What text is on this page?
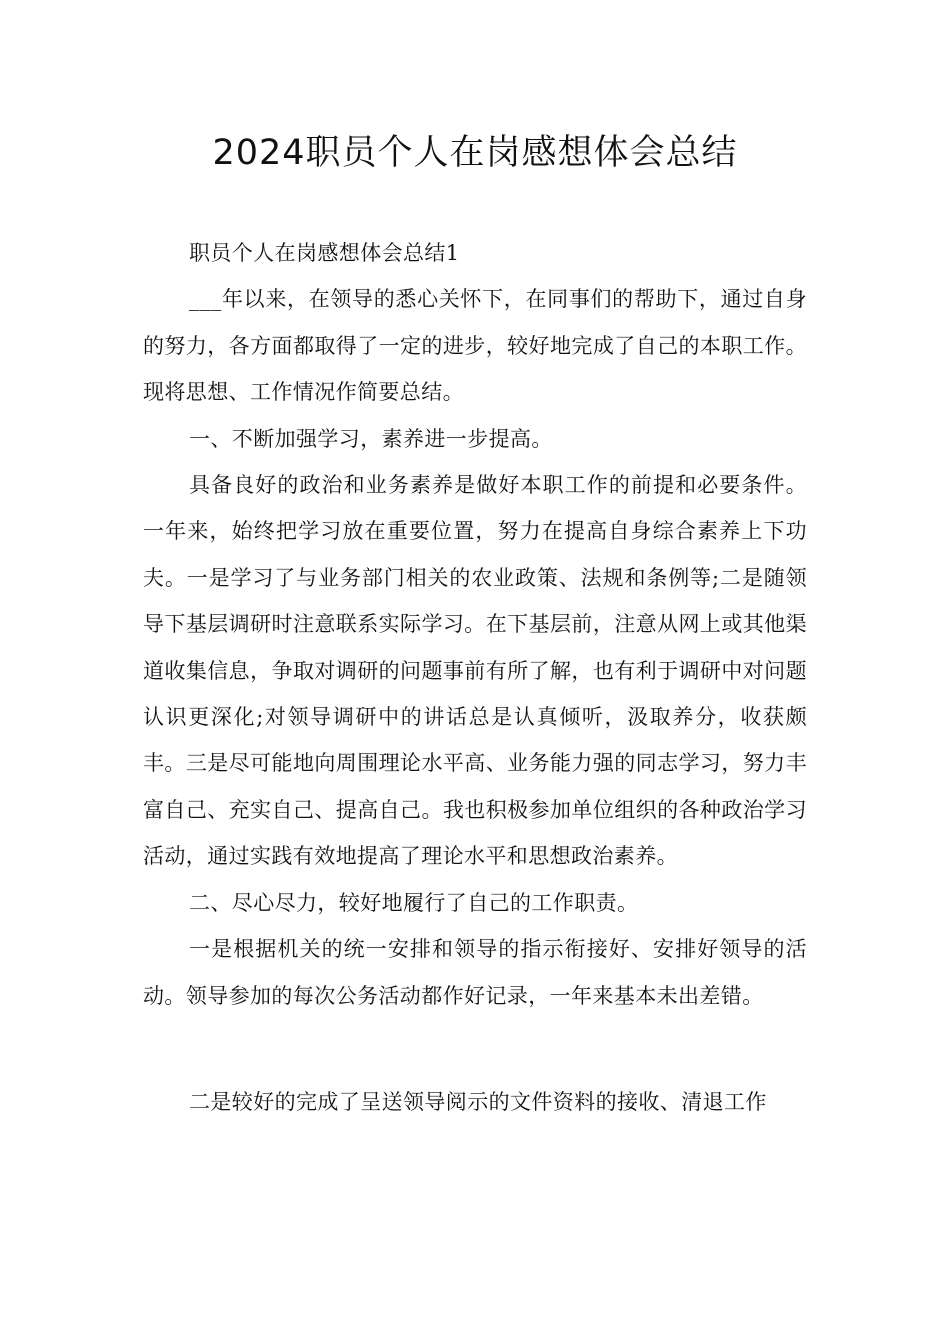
2024职员个人在岗感想体会总结

职员个人在岗感想体会总结1

___年以来，在领导的悉心关怀下，在同事们的帮助下，通过自身的努力，各方面都取得了一定的进步，较好地完成了自己的本职工作。现将思想、工作情况作简要总结。

一、不断加强学习，素养进一步提高。

具备良好的政治和业务素养是做好本职工作的前提和必要条件。一年来，始终把学习放在重要位置，努力在提高自身综合素养上下功夫。一是学习了与业务部门相关的农业政策、法规和条例等;二是随领导下基层调研时注意联系实际学习。在下基层前，注意从网上或其他渠道收集信息，争取对调研的问题事前有所了解，也有利于调研中对问题认识更深化;对领导调研中的讲话总是认真倾听，汲取养分，收获颇丰。三是尽可能地向周围理论水平高、业务能力强的同志学习，努力丰富自己、充实自己、提高自己。我也积极参加单位组织的各种政治学习活动，通过实践有效地提高了理论水平和思想政治素养。

二、尽心尽力，较好地履行了自己的工作职责。

一是根据机关的统一安排和领导的指示衔接好、安排好领导的活动。领导参加的每次公务活动都作好记录，一年来基本未出差错。

二是较好的完成了呈送领导阅示的文件资料的接收、清退工作
